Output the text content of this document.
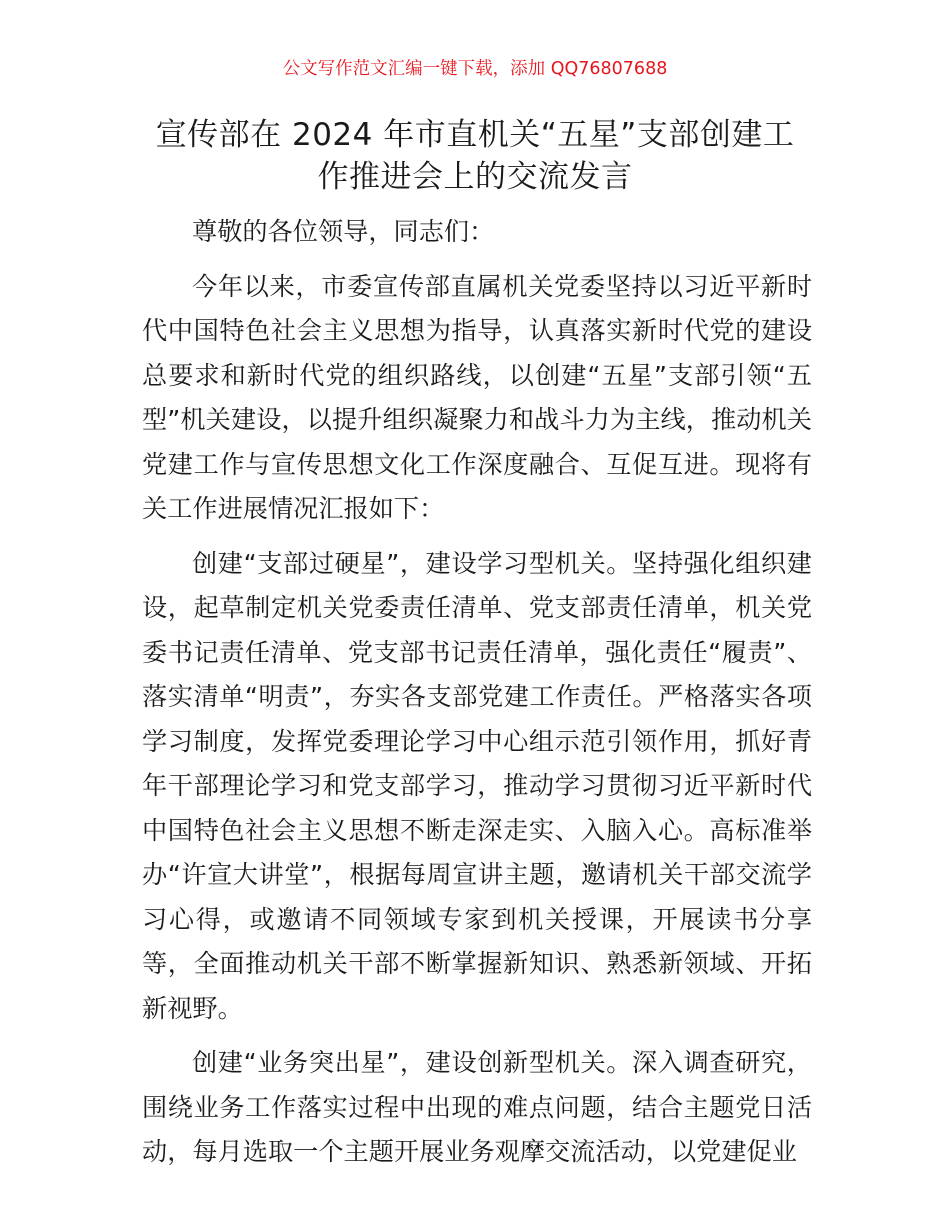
公文写作范文汇编一键下载，添加 QQ76807688
宣传部在 2024 年市直机关“五星”支部创建工
作推进会上的交流发言

尊敬的各位领导，同志们：

今年以来，市委宣传部直属机关党委坚持以习近平新时代中国特色社会主义思想为指导，认真落实新时代党的建设总要求和新时代党的组织路线，以创建“五星”支部引领“五型”机关建设，以提升组织凝聚力和战斗力为主线，推动机关党建工作与宣传思想文化工作深度融合、互促互进。现将有关工作进展情况汇报如下：

创建“支部过硬星”，建设学习型机关。坚持强化组织建设，起草制定机关党委责任清单、党支部责任清单，机关党委书记责任清单、党支部书记责任清单，强化责任“履责”、落实清单“明责”，夯实各支部党建工作责任。严格落实各项学习制度，发挥党委理论学习中心组示范引领作用，抓好青年干部理论学习和党支部学习，推动学习贯彻习近平新时代中国特色社会主义思想不断走深走实、入脑入心。高标准举办“许宣大讲堂”，根据每周宣讲主题，邀请机关干部交流学习心得，或邀请不同领域专家到机关授课，开展读书分享等，全面推动机关干部不断掌握新知识、熟悉新领域、开拓新视野。

创建“业务突出星”，建设创新型机关。深入调查研究，围绕业务工作落实过程中出现的难点问题，结合主题党日活动，每月选取一个主题开展业务观摩交流活动，以党建促业
